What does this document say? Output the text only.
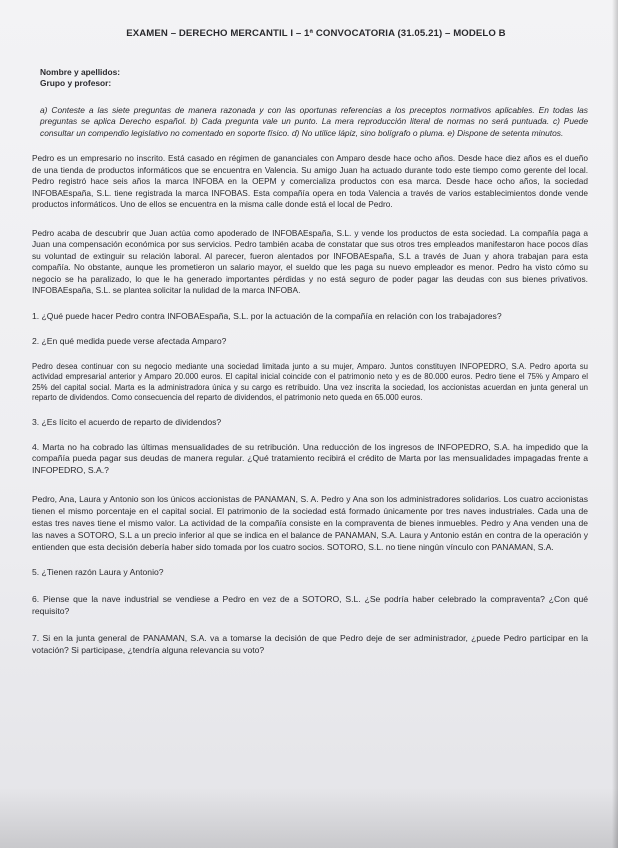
EXAMEN – DERECHO MERCANTIL I – 1ª CONVOCATORIA (31.05.21) – MODELO B
Nombre y apellidos:
Grupo y profesor:
a) Conteste a las siete preguntas de manera razonada y con las oportunas referencias a los preceptos normativos aplicables. En todas las preguntas se aplica Derecho español. b) Cada pregunta vale un punto. La mera reproducción literal de normas no será puntuada. c) Puede consultar un compendio legislativo no comentado en soporte físico. d) No utilice lápiz, sino bolígrafo o pluma. e) Dispone de setenta minutos.

Pedro es un empresario no inscrito. Está casado en régimen de gananciales con Amparo desde hace ocho años. Desde hace diez años es el dueño de una tienda de productos informáticos que se encuentra en Valencia. Su amigo Juan ha actuado durante todo este tiempo como gerente del local. Pedro registró hace seis años la marca INFOBA en la OEPM y comercializa productos con esa marca. Desde hace ocho años, la sociedad INFOBAEspaña, S.L. tiene registrada la marca INFOBAS. Esta compañía opera en toda Valencia a través de varios establecimientos donde vende productos informáticos. Uno de ellos se encuentra en la misma calle donde está el local de Pedro.

Pedro acaba de descubrir que Juan actúa como apoderado de INFOBAEspaña, S.L. y vende los productos de esta sociedad. La compañía paga a Juan una compensación económica por sus servicios. Pedro también acaba de constatar que sus otros tres empleados manifestaron hace pocos días su voluntad de extinguir su relación laboral. Al parecer, fueron alentados por INFOBAEspaña, S.L a través de Juan y ahora trabajan para esta compañía. No obstante, aunque les prometieron un salario mayor, el sueldo que les paga su nuevo empleador es menor. Pedro ha visto cómo su negocio se ha paralizado, lo que le ha generado importantes pérdidas y no está seguro de poder pagar las deudas con sus bienes privativos. INFOBAEspaña, S.L. se plantea solicitar la nulidad de la marca INFOBA.

1. ¿Qué puede hacer Pedro contra INFOBAEspaña, S.L. por la actuación de la compañía en relación con los trabajadores?

2. ¿En qué medida puede verse afectada Amparo?

Pedro desea continuar con su negocio mediante una sociedad limitada junto a su mujer, Amparo. Juntos constituyen INFOPEDRO, S.A. Pedro aporta su actividad empresarial anterior y Amparo 20.000 euros. El capital inicial coincide con el patrimonio neto y es de 80.000 euros. Pedro tiene el 75% y Amparo el 25% del capital social. Marta es la administradora única y su cargo es retribuido. Una vez inscrita la sociedad, los accionistas acuerdan en junta general un reparto de dividendos. Como consecuencia del reparto de dividendos, el patrimonio neto queda en 65.000 euros.

3. ¿Es lícito el acuerdo de reparto de dividendos?

4. Marta no ha cobrado las últimas mensualidades de su retribución. Una reducción de los ingresos de INFOPEDRO, S.A. ha impedido que la compañía pueda pagar sus deudas de manera regular. ¿Qué tratamiento recibirá el crédito de Marta por las mensualidades impagadas frente a INFOPEDRO, S.A.?

Pedro, Ana, Laura y Antonio son los únicos accionistas de PANAMAN, S. A. Pedro y Ana son los administradores solidarios. Los cuatro accionistas tienen el mismo porcentaje en el capital social. El patrimonio de la sociedad está formado únicamente por tres naves industriales. Cada una de estas tres naves tiene el mismo valor. La actividad de la compañía consiste en la compraventa de bienes inmuebles. Pedro y Ana venden una de las naves a SOTORO, S.L a un precio inferior al que se indica en el balance de PANAMAN, S.A. Laura y Antonio están en contra de la operación y entienden que esta decisión debería haber sido tomada por los cuatro socios. SOTORO, S.L. no tiene ningún vínculo con PANAMAN, S.A.

5. ¿Tienen razón Laura y Antonio?

6. Piense que la nave industrial se vendiese a Pedro en vez de a SOTORO, S.L. ¿Se podría haber celebrado la compraventa? ¿Con qué requisito?

7. Si en la junta general de PANAMAN, S.A. va a tomarse la decisión de que Pedro deje de ser administrador, ¿puede Pedro participar en la votación? Si participase, ¿tendría alguna relevancia su voto?
